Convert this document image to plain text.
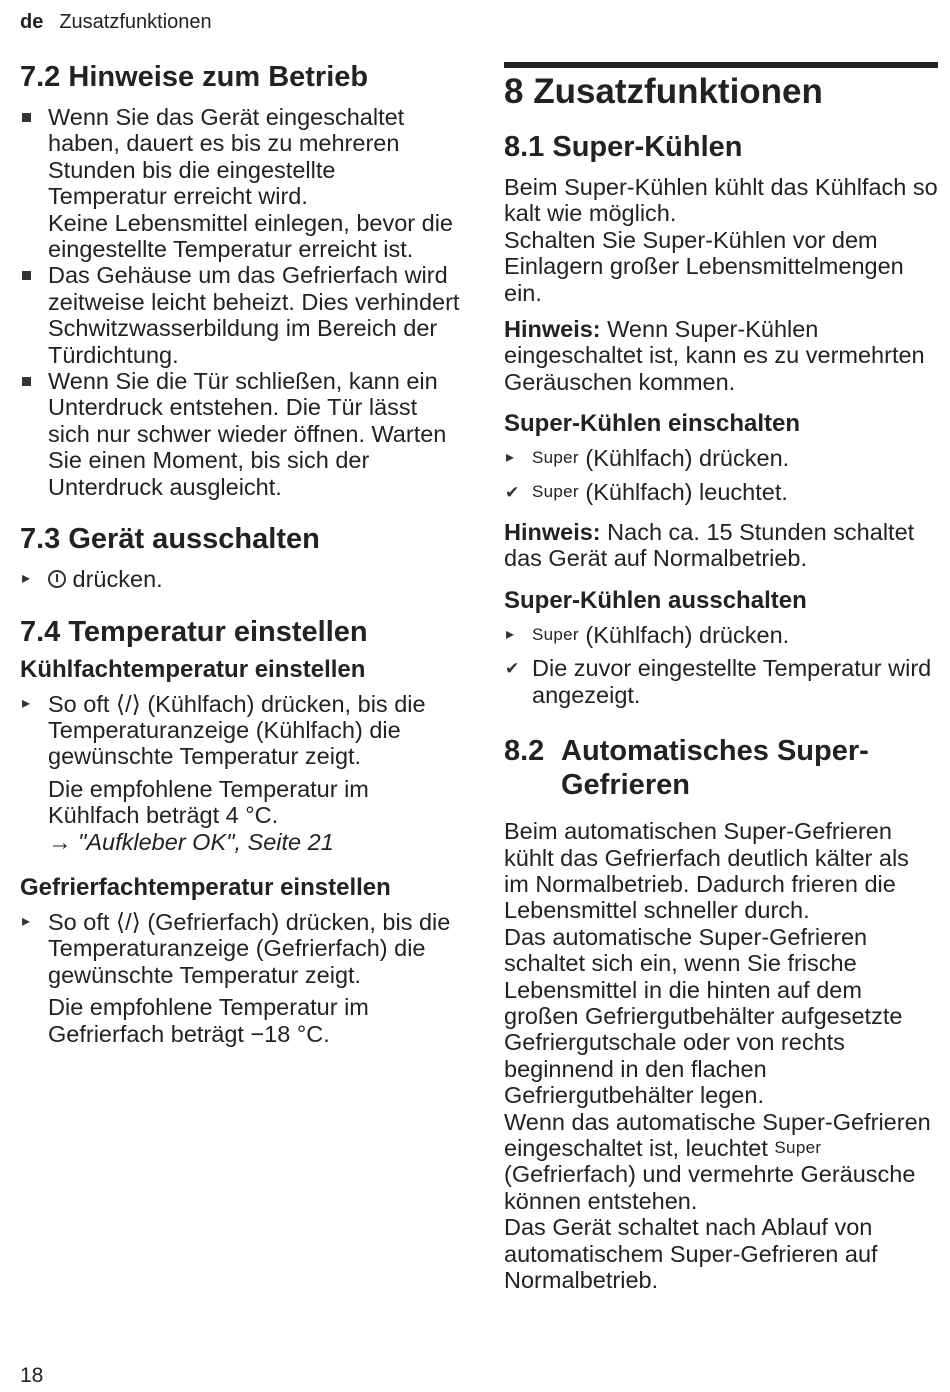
de Zusatzfunktionen
7.2 Hinweise zum Betrieb
Wenn Sie das Gerät eingeschaltet haben, dauert es bis zu mehreren Stunden bis die eingestellte Temperatur erreicht wird.
Keine Lebensmittel einlegen, bevor die eingestellte Temperatur erreicht ist.
Das Gehäuse um das Gefrierfach wird zeitweise leicht beheizt. Dies verhindert Schwitzwasserbildung im Bereich der Türdichtung.
Wenn Sie die Tür schließen, kann ein Unterdruck entstehen. Die Tür lässt sich nur schwer wieder öffnen. Warten Sie einen Moment, bis sich der Unterdruck ausgleicht.
7.3 Gerät ausschalten
▸ drücken.
7.4 Temperatur einstellen
Kühlfachtemperatur einstellen
▸ So oft ⟨/⟩ (Kühlfach) drücken, bis die Temperaturanzeige (Kühlfach) die gewünschte Temperatur zeigt.
Die empfohlene Temperatur im Kühlfach beträgt 4 °C.
→ "Aufkleber OK", Seite 21
Gefrierfachtemperatur einstellen
▸ So oft ⟨/⟩ (Gefrierfach) drücken, bis die Temperaturanzeige (Gefrierfach) die gewünschte Temperatur zeigt.
Die empfohlene Temperatur im Gefrierfach beträgt −18 °C.
8 Zusatzfunktionen
8.1 Super-Kühlen

Beim Super-Kühlen kühlt das Kühlfach so kalt wie möglich.

Schalten Sie Super-Kühlen vor dem Einlagern großer Lebensmittelmengen ein.

Hinweis: Wenn Super-Kühlen eingeschaltet ist, kann es zu vermehrten Geräuschen kommen.

Super-Kühlen einschalten
▸ Super (Kühlfach) drücken.
✔ Super (Kühlfach) leuchtet.

Hinweis: Nach ca. 15 Stunden schaltet das Gerät auf Normalbetrieb.

Super-Kühlen ausschalten
▸ Super (Kühlfach) drücken.
✔ Die zuvor eingestellte Temperatur wird angezeigt.
8.2 Automatisches Super-Gefrieren

Beim automatischen Super-Gefrieren kühlt das Gefrierfach deutlich kälter als im Normalbetrieb. Dadurch frieren die Lebensmittel schneller durch.

Das automatische Super-Gefrieren schaltet sich ein, wenn Sie frische Lebensmittel in die hinten auf dem großen Gefriergutbehälter aufgesetzte Gefriergutschale oder von rechts beginnend in den flachen Gefriergutbehälter legen.

Wenn das automatische Super-Gefrieren eingeschaltet ist, leuchtet Super (Gefrierfach) und vermehrte Geräusche können entstehen.

Das Gerät schaltet nach Ablauf von automatischem Super-Gefrieren auf Normalbetrieb.

18
